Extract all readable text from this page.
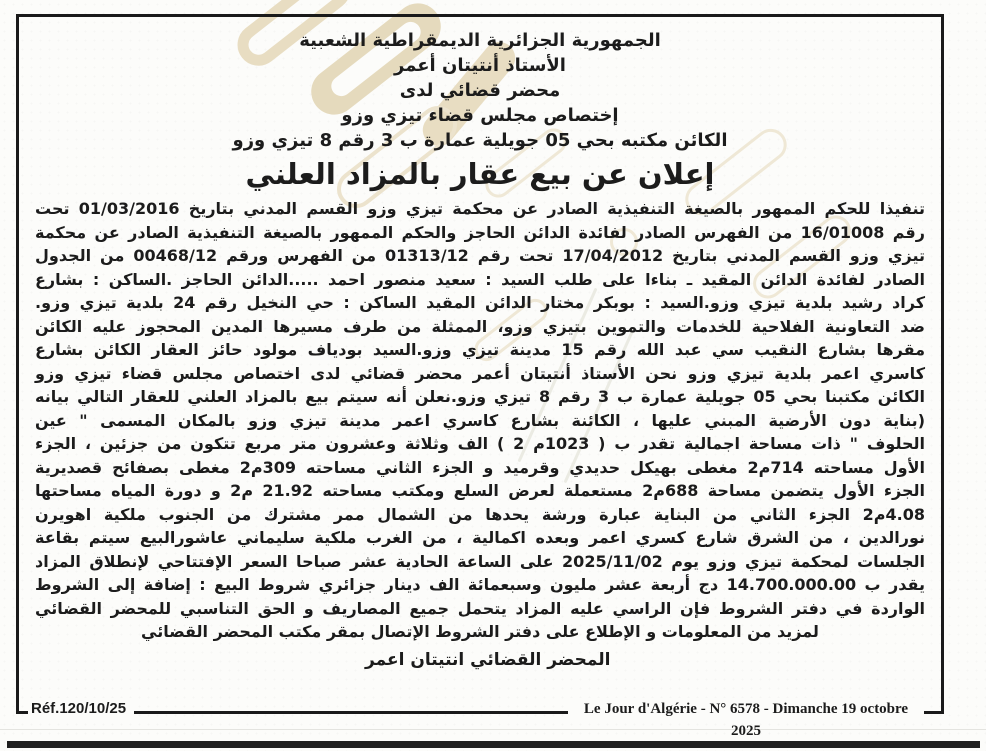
الجمهورية الجزائرية الديمقراطية الشعبية
الأستاذ أنتيتان أعمر
محضر قضائي لدى
إختصاص مجلس قضاء تيزي وزو
الكائن مكتبه بحي 05 جويلية عمارة ب 3 رقم 8 تيزي وزو
إعلان عن بيع عقار بالمزاد العلني
تنفيذا للحكم الممهور بالصيغة التنفيذية الصادر عن محكمة تيزي وزو القسم المدني بتاريخ 01/03/2016 تحت
رقم 16/01008 من الفهرس الصادر لفائدة الدائن الحاجز والحكم الممهور بالصيغة التنفيذية الصادر عن محكمة
تيزي وزو القسم المدني بتاريخ 17/04/2012 تحت رقم 01313/12 من الفهرس ورقم 00468/12 من الجدول
الصادر لفائدة الدائن المقيد ـ بناءا على طلب السيد : سعيد منصور احمد .....الدائن الحاجز .الساكن : بشارع
كراد رشيد بلدية تيزي وزو.السيد : بوبكر مختار الدائن المقيد الساكن : حي النخيل رقم 24 بلدية تيزي وزو.
ضد التعاونية الفلاحية للخدمات والتموين بتيزي وزو، الممثلة من طرف مسيرها المدين المحجوز عليه الكائن
مقرها بشارع النقيب سي عبد الله رقم 15 مدينة تيزي وزو.السيد بودياف مولود حائز العقار الكائن بشارع
كاسري اعمر بلدية تيزي وزو نحن الأستاذ أنتيتان أعمر محضر قضائي لدى اختصاص مجلس قضاء تيزي وزو
الكائن مكتبنا بحي 05 جويلية عمارة ب 3 رقم 8 تيزي وزو.نعلن أنه سيتم بيع بالمزاد العلني للعقار التالي بيانه
(بناية دون الأرضية المبني عليها ، الكائنة بشارع كاسري اعمر مدينة تيزي وزو بالمكان المسمى " عين
الحلوف " ذات مساحة اجمالية تقدر ب ( 1023م 2 ) الف وثلاثة وعشرون متر مربع تتكون من جزئين ، الجزء
الأول مساحته 714م2 مغطى بهيكل حديدي وقرميد و الجزء الثاني مساحته 309م2 مغطى بصفائح قصديرية
الجزء الأول يتضمن مساحة 688م2 مستعملة لعرض السلع ومكتب مساحته 21.92 م2 و دورة المياه مساحتها
4.08م2 الجزء الثاني من البناية عبارة ورشة يحدها من الشمال ممر مشترك من الجنوب ملكية اهويرن
نورالدين ، من الشرق شارع كسري اعمر وبعده اكمالية ، من الغرب ملكية سليماني عاشورالبيع سيتم بقاعة
الجلسات لمحكمة تيزي وزو يوم 2025/11/02 على الساعة الحادية عشر صباحا السعر الإفتتاحي لإنطلاق المزاد
يقدر ب 14.700.000.00 دج أربعة عشر مليون وسبعمائة الف دينار جزائري شروط البيع : إضافة إلى الشروط
الواردة في دفتر الشروط فإن الراسي عليه المزاد يتحمل جميع المصاريف و الحق التناسبي للمحضر القضائي
لمزيد من المعلومات و الإطلاع على دفتر الشروط الإتصال بمقر مكتب المحضر القضائي
المحضر القضائي انتيتان اعمر
Réf.120/10/25	Le Jour d'Algérie - N° 6578 - Dimanche 19 octobre 2025
